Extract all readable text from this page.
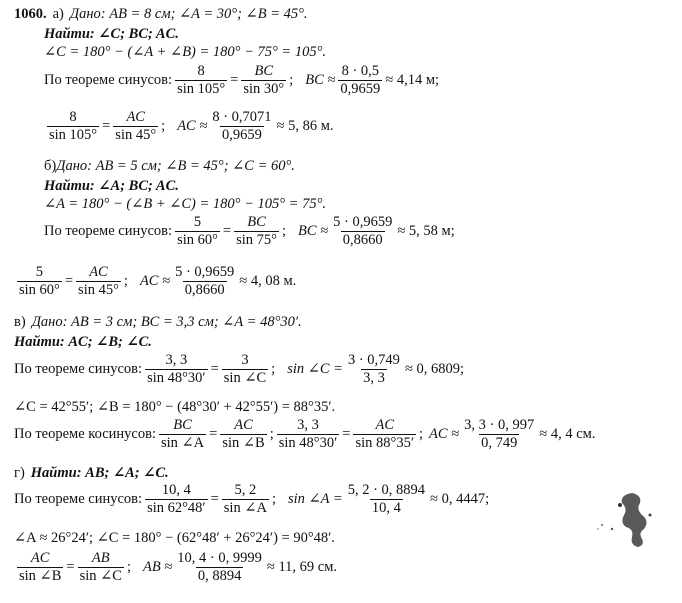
1060. а) Дано: AB = 8 см; ∠A = 30°; ∠B = 45°.
Найти: ∠C; BC; AC.
∠C = 180° − (∠A + ∠B) = 180° − 75° = 105°.
По теореме синусов: $\frac{8}{\sin 105^\circ} = \frac{BC}{\sin 30^\circ}$ ; BC ≈ $\frac{8 \cdot 0,5}{0,9659} \approx 4,14$ м;
$\frac{8}{\sin 105^\circ} = \frac{AC}{\sin 45^\circ}$ ; AC ≈ $\frac{8 \cdot 0,7071}{0,9659} \approx 5$, 86 м.
б) Дано: AB = 5 см; ∠B = 45°; ∠C = 60°.
Найти: ∠A; BC; AC.
∠A = 180° − (∠B + ∠C) = 180° − 105° = 75°.
По теореме синусов: $\frac{5}{\sin 60^\circ} = \frac{BC}{\sin 75^\circ}$ ; BC ≈ $\frac{5 \cdot 0,9659}{0,8660} \approx 5$, 58 м;
$\frac{5}{\sin 60^\circ} = \frac{AC}{\sin 45^\circ}$ ; AC ≈ $\frac{5 \cdot 0,9659}{0,8660} \approx 4$, 08 м.
в) Дано: AB = 3 см; BC = 3,3 см; ∠A = 48°30′.
Найти: AC; ∠B; ∠C.
По теореме синусов: $\frac{3, 3}{\sin 48^\circ 30'} = \frac{3}{\sin \angle C}$ ; sin ∠C = $\frac{3 \cdot 0,749}{3, 3} \approx 0$, 6809;
∠C = 42°55′; ∠B = 180° − (48°30′ + 42°55′) = 88°35′.
По теореме косинусов: $\frac{BC}{\sin \angle A} = \frac{AC}{\sin \angle B}$ ; $\frac{3, 3}{\sin 48^\circ 30'} = \frac{AC}{\sin 88^\circ 35'}$ ; AC ≈ $\frac{3, 3 \cdot 0, 997}{0, 749} \approx 4$, 4 см.
г) Найти: AB; ∠A; ∠C.
По теореме синусов: $\frac{10, 4}{\sin 62^\circ 48'} = \frac{5, 2}{\sin \angle A}$ ; sin ∠A = $\frac{5, 2 \cdot 0, 8894}{10, 4} \approx 0$, 4447;
∠A ≈ 26°24′; ∠C = 180° − (62°48′ + 26°24′) = 90°48′.
$\frac{AC}{\sin \angle B} = \frac{AB}{\sin \angle C}$ ; AB ≈ $\frac{10, 4 \cdot 0, 9999}{0, 8894} \approx 11$, 69 см.
